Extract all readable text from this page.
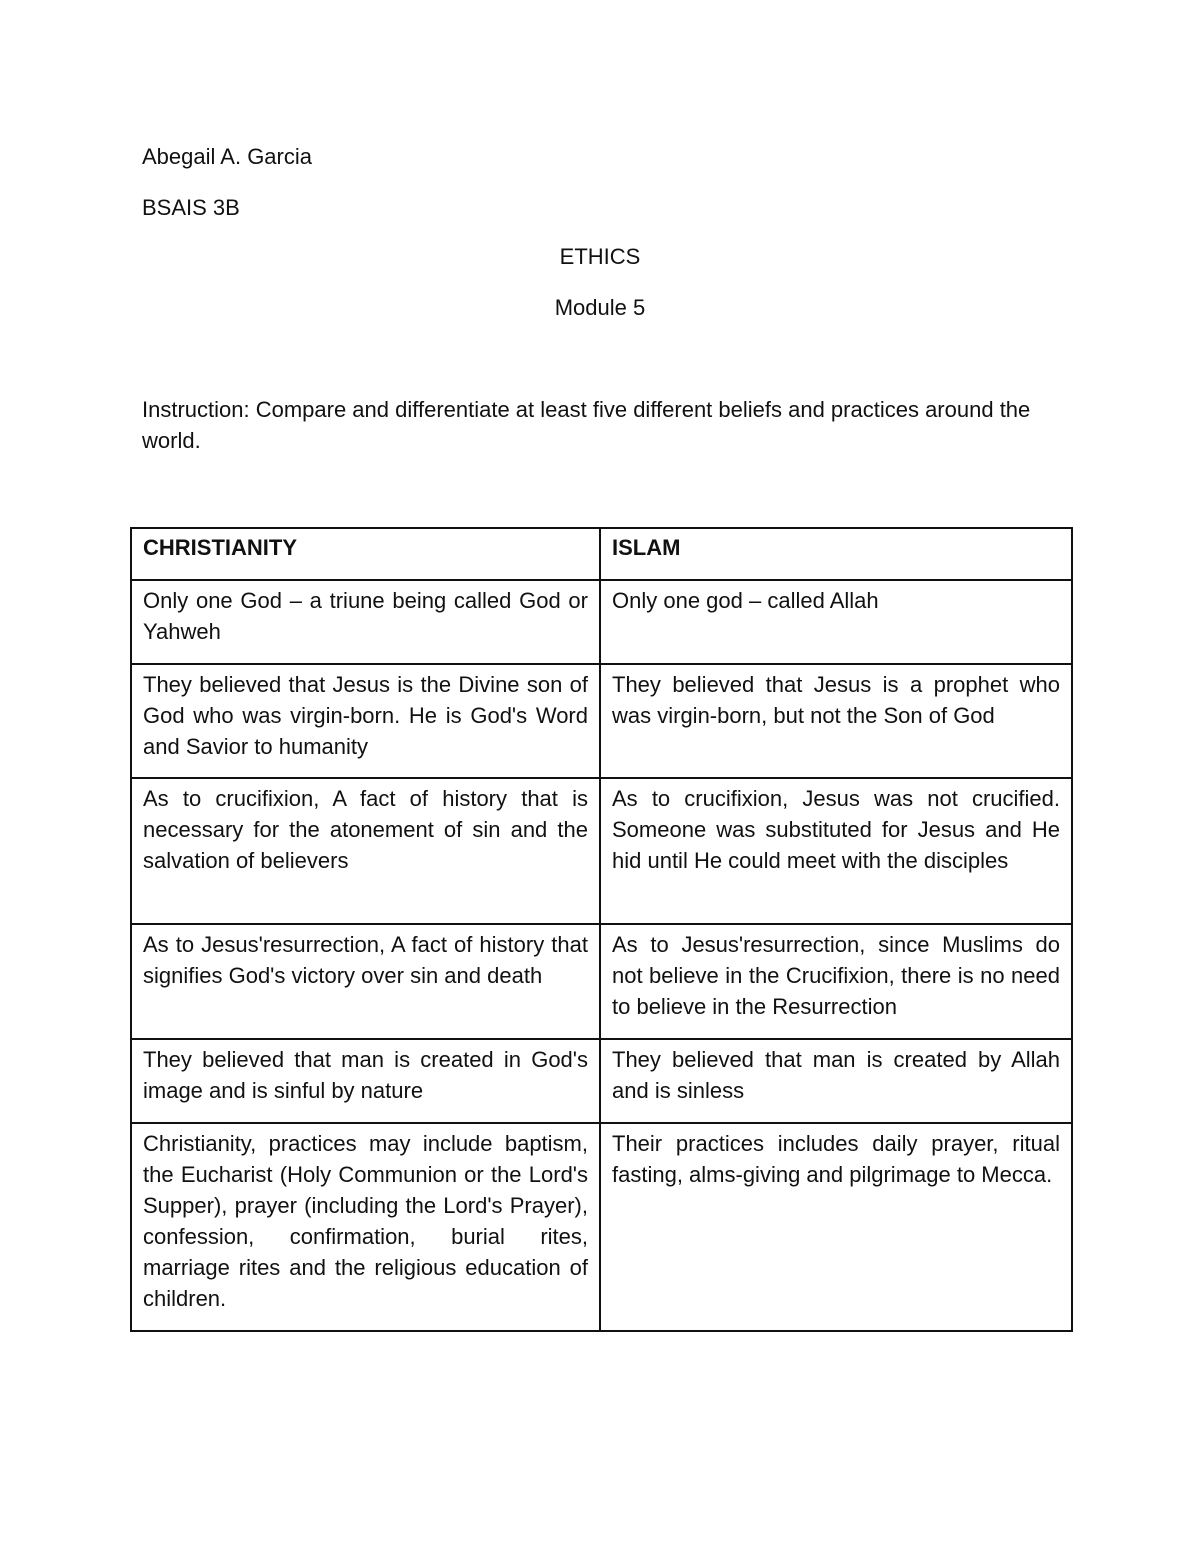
Abegail A. Garcia
BSAIS 3B
ETHICS
Module 5
Instruction: Compare and differentiate at least five different beliefs and practices around the world.
CHRISTIANITY	ISLAM
Only one God – a triune being called God or Yahweh	Only one god – called Allah
They believed that Jesus is the Divine son of God who was virgin-born. He is God's Word and Savior to humanity	They believed that Jesus is a prophet who was virgin-born, but not the Son of God
As to crucifixion, A fact of history that is necessary for the atonement of sin and the salvation of believers	As to crucifixion, Jesus was not crucified. Someone was substituted for Jesus and He hid until He could meet with the disciples
As to Jesus'resurrection, A fact of history that signifies God's victory over sin and death	As to Jesus'resurrection, since Muslims do not believe in the Crucifixion, there is no need to believe in the Resurrection
They believed that man is created in God's image and is sinful by nature	They believed that man is created by Allah and is sinless
Christianity, practices may include baptism, the Eucharist (Holy Communion or the Lord's Supper), prayer (including the Lord's Prayer), confession, confirmation, burial rites, marriage rites and the religious education of children.	Their practices includes daily prayer, ritual fasting, alms-giving and pilgrimage to Mecca.
